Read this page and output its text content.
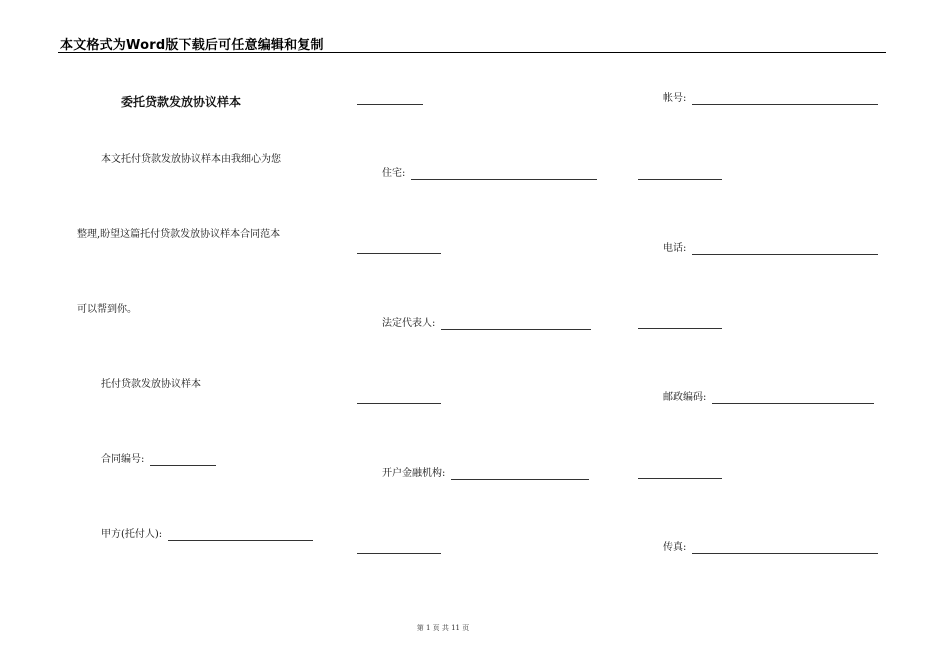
本文格式为Word版下载后可任意编辑和复制
委托贷款发放协议样本
本文托付贷款发放协议样本由我细心为您
整理,盼望这篇托付贷款发放协议样本合同范本
可以帮到你。
托付贷款发放协议样本
合同编号:
甲方(托付人):
住宅:
法定代表人:
开户金融机构:
帐号:
电话:
邮政编码:
传真:
第 1 页 共 11 页
